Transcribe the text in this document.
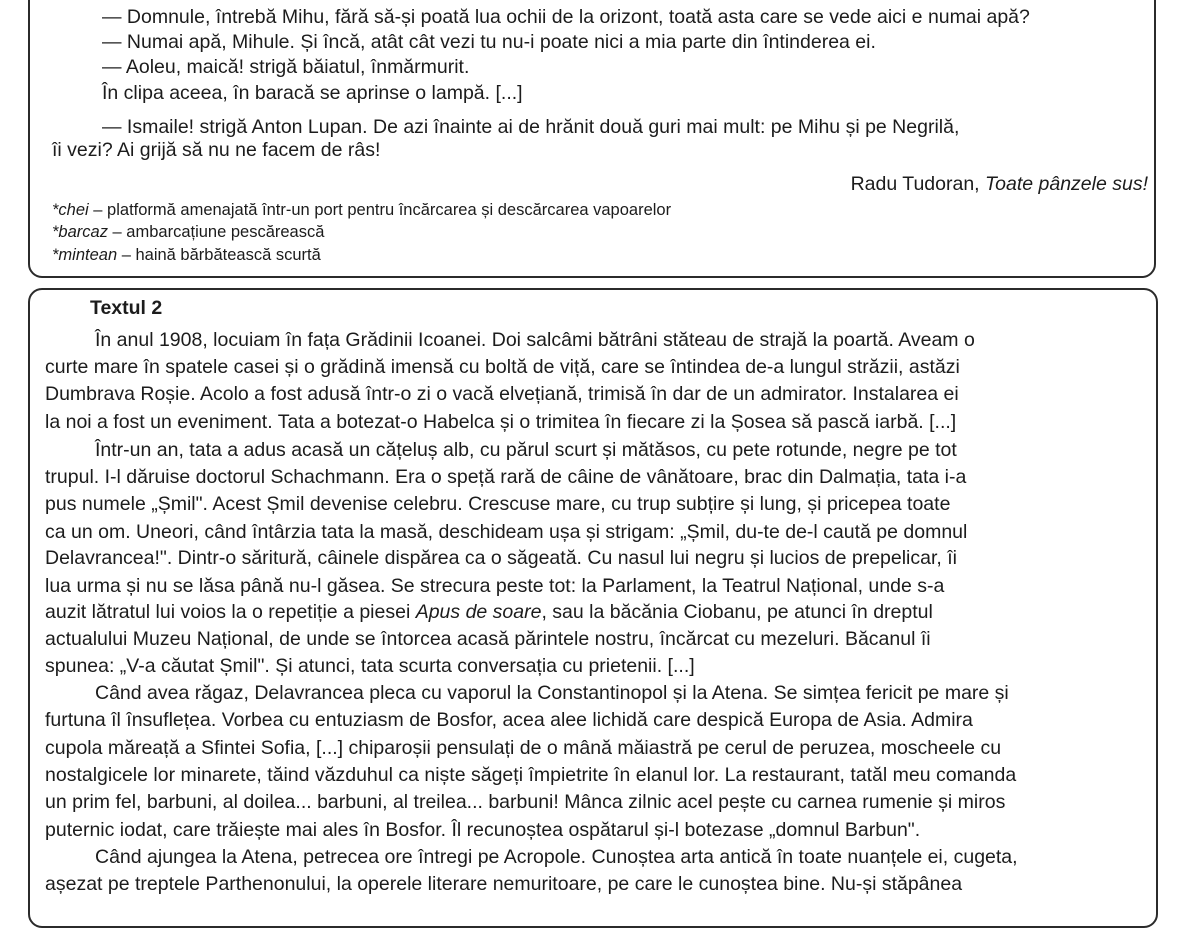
— Domnule, întrebă Mihu, fără să-și poată lua ochii de la orizont, toată asta care se vede aici e numai apă?
— Numai apă, Mihule. Și încă, atât cât vezi tu nu-i poate nici a mia parte din întinderea ei.
— Aoleu, maică! strigă băiatul, înmărmurit.
În clipa aceea, în baracă se aprinse o lampă. [...]
— Ismaile! strigă Anton Lupan. De azi înainte ai de hrănit două guri mai mult: pe Mihu și pe Negrilă,
îi vezi? Ai grijă să nu ne facem de râs!
Radu Tudoran, Toate pânzele sus!
*chei – platformă amenajată într-un port pentru încărcarea și descărcarea vapoarelor
*barcaz – ambarcațiune pescărească
*mintean – haină bărbătească scurtă
Textul 2
În anul 1908, locuiam în fața Grădinii Icoanei. Doi salcâmi bătrâni stăteau de strajă la poartă. Aveam o
curte mare în spatele casei și o grădină imensă cu boltă de viță, care se întindea de-a lungul străzii, astăzi
Dumbrava Roșie. Acolo a fost adusă într-o zi o vacă elvețiană, trimisă în dar de un admirator. Instalarea ei
la noi a fost un eveniment. Tata a botezat-o Habelca și o trimitea în fiecare zi la Șosea să pască iarbă. [...]
Într-un an, tata a adus acasă un cățeluș alb, cu părul scurt și mătăsos, cu pete rotunde, negre pe tot
trupul. I-l dăruise doctorul Schachmann. Era o speță rară de câine de vânătoare, brac din Dalmația, tata i-a
pus numele „Șmil". Acest Șmil devenise celebru. Crescuse mare, cu trup subțire și lung, și pricepea toate
ca un om. Uneori, când întârzia tata la masă, deschideam ușa și strigam: „Șmil, du-te de-l caută pe domnul
Delavrancea!". Dintr-o săritură, câinele dispărea ca o săgeată. Cu nasul lui negru și lucios de prepelicar, îi
lua urma și nu se lăsa până nu-l găsea. Se strecura peste tot: la Parlament, la Teatrul Național, unde s-a
auzit lătratul lui voios la o repetiție a piesei Apus de soare, sau la băcănia Ciobanu, pe atunci în dreptul
actualului Muzeu Național, de unde se întorcea acasă părintele nostru, încărcat cu mezeluri. Băcanul îi
spunea: „V-a căutat Șmil". Și atunci, tata scurta conversația cu prietenii. [...]
Când avea răgaz, Delavrancea pleca cu vaporul la Constantinopol și la Atena. Se simțea fericit pe mare și
furtuna îl însuflețea. Vorbea cu entuziasm de Bosfor, acea alee lichidă care despică Europa de Asia. Admira
cupola măreață a Sfintei Sofia, [...] chiparoșii pensulați de o mână măiastră pe cerul de peruzea, moscheele cu
nostalgicele lor minarete, tăind văzduhul ca niște săgeți împietrite în elanul lor. La restaurant, tatăl meu comanda
un prim fel, barbuni, al doilea... barbuni, al treilea... barbuni! Mânca zilnic acel pește cu carnea rumenie și miros
puternic iodat, care trăiește mai ales în Bosfor. Îl recunoștea ospătarul și-l botezase „domnul Barbun".
Când ajungea la Atena, petrecea ore întregi pe Acropole. Cunoștea arta antică în toate nuanțele ei, cugeta,
așezat pe treptele Parthenonului, la operele literare nemuritoare, pe care le cunoștea bine. Nu-și stăpânea
